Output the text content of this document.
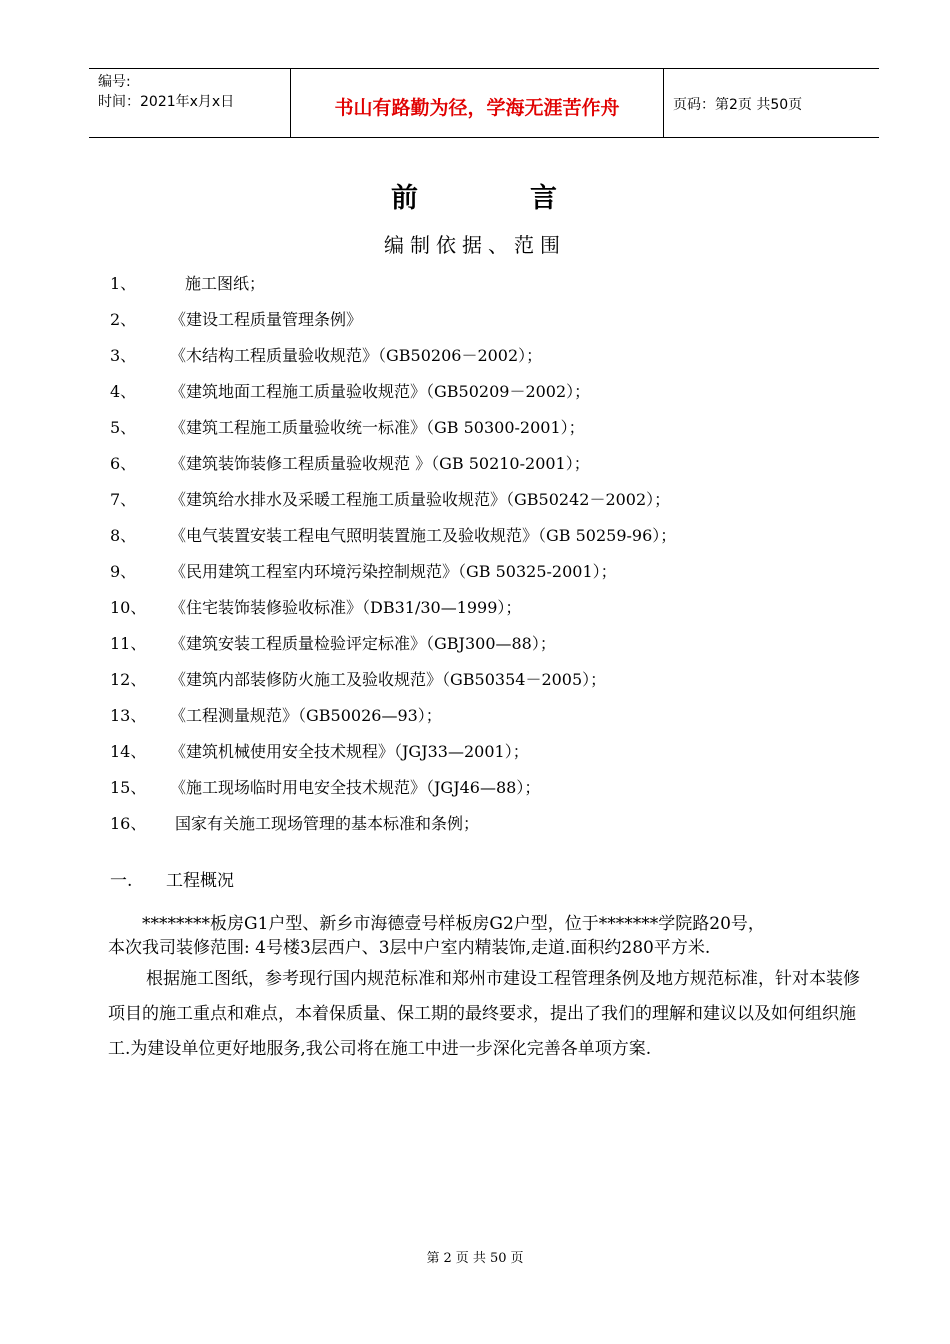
编号:
时间：2021年x月x日	书山有路勤为径，学海无涯苦作舟	页码：第2页 共50页
前	言
编制依据、范围
1、	施工图纸；
2、	《建设工程质量管理条例》
3、	《木结构工程质量验收规范》（GB50206－2002）；
4、	《建筑地面工程施工质量验收规范》（GB50209－2002）；
5、	《建筑工程施工质量验收统一标准》（GB 50300-2001）；
6、	《建筑装饰装修工程质量验收规范 》（GB 50210-2001）；
7、	《建筑给水排水及采暖工程施工质量验收规范》（GB50242－2002）；
8、	《电气装置安装工程电气照明装置施工及验收规范》（GB 50259-96）；
9、	《民用建筑工程室内环境污染控制规范》（GB 50325-2001）；
10、	《住宅装饰装修验收标准》（DB31/30—1999）；
11、	《建筑安装工程质量检验评定标准》（GBJ300—88）；
12、	《建筑内部装修防火施工及验收规范》（GB50354－2005）；
13、	《工程测量规范》（GB50026—93）；
14、	《建筑机械使用安全技术规程》（JGJ33—2001）；
15、	《施工现场临时用电安全技术规范》（JGJ46—88）；
16、	国家有关施工现场管理的基本标准和条例；
一.	工程概况

********板房G1户型、新乡市海德壹号样板房G2户型，位于*******学院路20号，

本次我司装修范围: 4号楼3层西户、3层中户室内精装饰,走道.面积约280平方米.

根据施工图纸，参考现行国内规范标准和郑州市建设工程管理条例及地方规范标准，针对本装修项目的施工重点和难点，本着保质量、保工期的最终要求，提出了我们的理解和建议以及如何组织施工.为建设单位更好地服务,我公司将在施工中进一步深化完善各单项方案.

第 2 页 共 50 页
